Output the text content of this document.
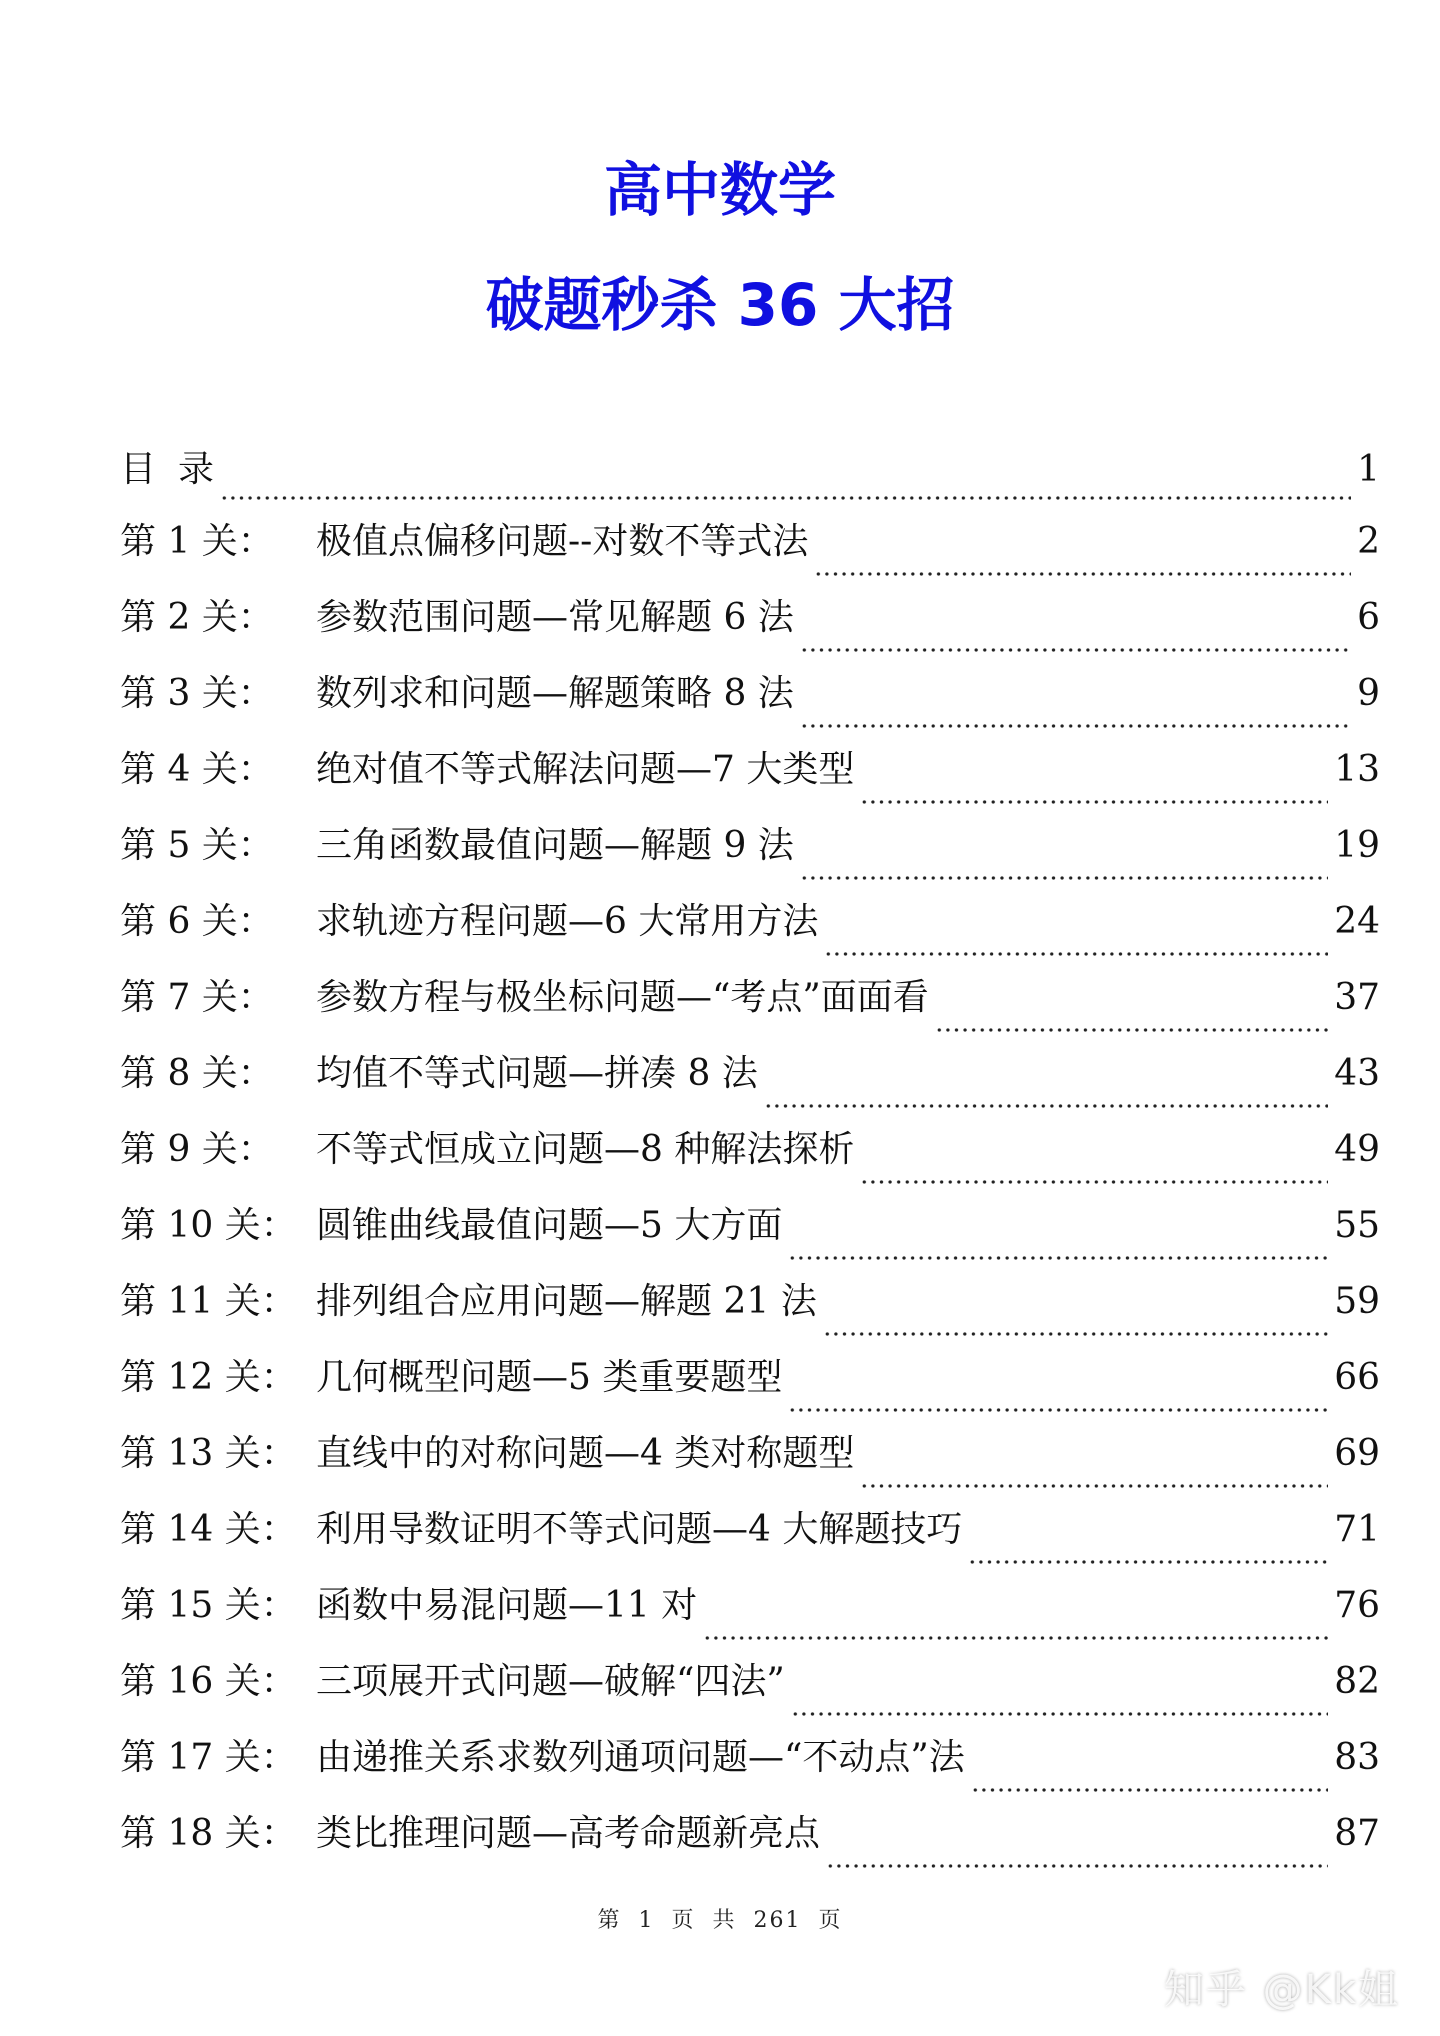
高中数学
破题秒杀 36 大招
目 录	1
第 1 关：	极值点偏移问题--对数不等式法	2
第 2 关：	参数范围问题—常见解题 6 法	6
第 3 关：	数列求和问题—解题策略 8 法	9
第 4 关：	绝对值不等式解法问题—7 大类型	13
第 5 关：	三角函数最值问题—解题 9 法	19
第 6 关：	求轨迹方程问题—6 大常用方法	24
第 7 关：	参数方程与极坐标问题—“考点”面面看	37
第 8 关：	均值不等式问题—拼凑 8 法	43
第 9 关：	不等式恒成立问题—8 种解法探析	49
第 10 关： 圆锥曲线最值问题—5 大方面	55
第 11 关： 排列组合应用问题—解题 21 法	59
第 12 关： 几何概型问题—5 类重要题型	66
第 13 关： 直线中的对称问题—4 类对称题型	69
第 14 关： 利用导数证明不等式问题—4 大解题技巧	71
第 15 关： 函数中易混问题—11 对	76
第 16 关： 三项展开式问题—破解“四法”	82
第 17 关： 由递推关系求数列通项问题—“不动点”法	83
第 18 关： 类比推理问题—高考命题新亮点	87
第 1 页 共 261 页
知乎 @Kk姐
